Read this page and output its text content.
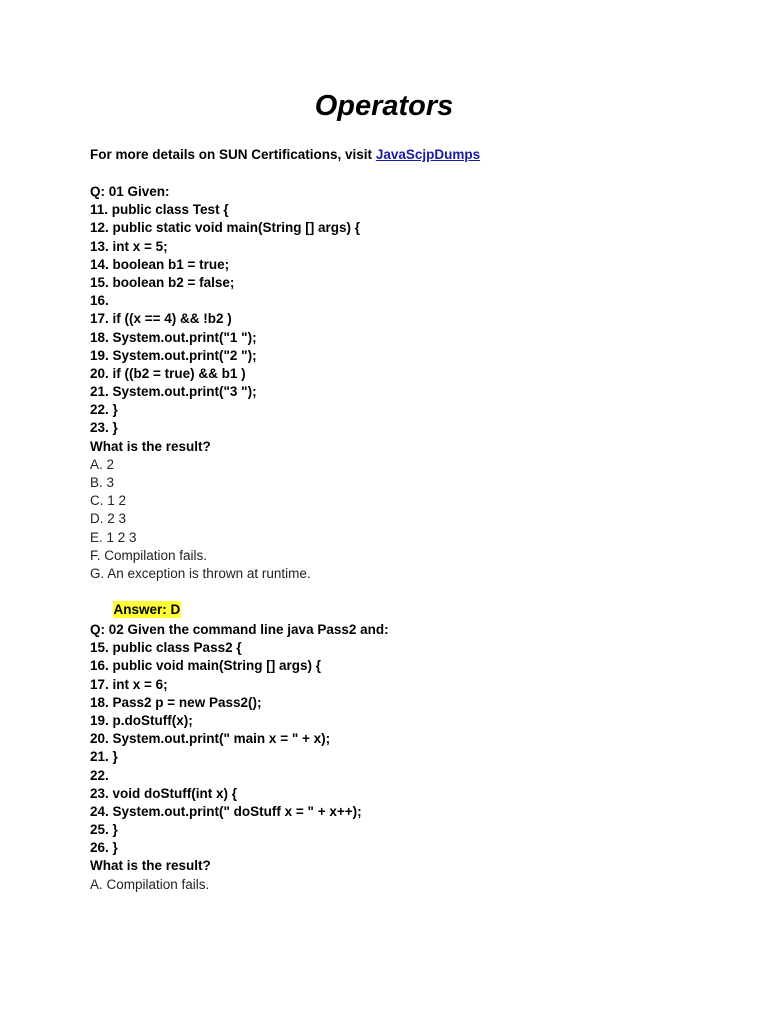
Operators
For more details on SUN Certifications, visit JavaScjpDumps
Q: 01 Given:
11. public class Test {
12. public static void main(String [] args) {
13. int x = 5;
14. boolean b1 = true;
15. boolean b2 = false;
16.
17. if ((x == 4) && !b2 )
18. System.out.print("1 ");
19. System.out.print("2 ");
20. if ((b2 = true) && b1 )
21. System.out.print("3 ");
22. }
23. }
What is the result?
A. 2
B. 3
C. 1 2
D. 2 3
E. 1 2 3
F. Compilation fails.
G. An exception is thrown at runtime.

Answer: D

Q: 02 Given the command line java Pass2 and:
15. public class Pass2 {
16. public void main(String [] args) {
17. int x = 6;
18. Pass2 p = new Pass2();
19. p.doStuff(x);
20. System.out.print(" main x = " + x);
21. }
22.
23. void doStuff(int x) {
24. System.out.print(" doStuff x = " + x++);
25. }
26. }
What is the result?
A. Compilation fails.
